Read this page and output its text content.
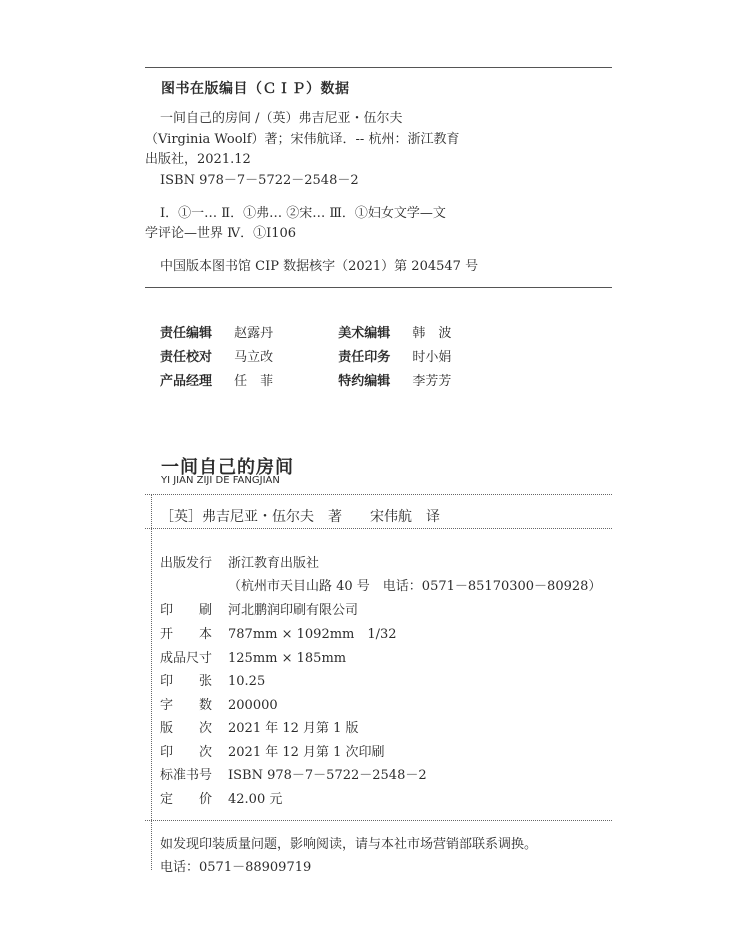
图书在版编目（ＣＩＰ）数据
一间自己的房间 /（英）弗吉尼亚・伍尔夫
（Virginia Woolf）著；宋伟航译．-- 杭州：浙江教育
出版社，2021.12
ISBN 978－7－5722－2548－2
Ⅰ．①一… Ⅱ．①弗… ②宋… Ⅲ．①妇女文学—文
学评论—世界 Ⅳ．①I106
中国版本图书馆 CIP 数据核字（2021）第 204547 号
责任编辑 赵露丹	美术编辑 韩　波
责任校对 马立改	责任印务 时小娟
产品经理 任　菲	特约编辑 李芳芳
一间自己的房间
YI JIAN ZIJI DE FANGJIAN
［英］弗吉尼亚・伍尔夫　著　　宋伟航　译
出版发行 浙江教育出版社
（杭州市天目山路 40 号　电话：0571－85170300－80928）
印　　刷 河北鹏润印刷有限公司
开　　本 787mm × 1092mm　1/32
成品尺寸 125mm × 185mm
印　　张 10.25
字　　数 200000
版　　次 2021 年 12 月第 1 版
印　　次 2021 年 12 月第 1 次印刷
标准书号 ISBN 978－7－5722－2548－2
定　　价 42.00 元
如发现印装质量问题，影响阅读，请与本社市场营销部联系调换。
电话：0571－88909719
